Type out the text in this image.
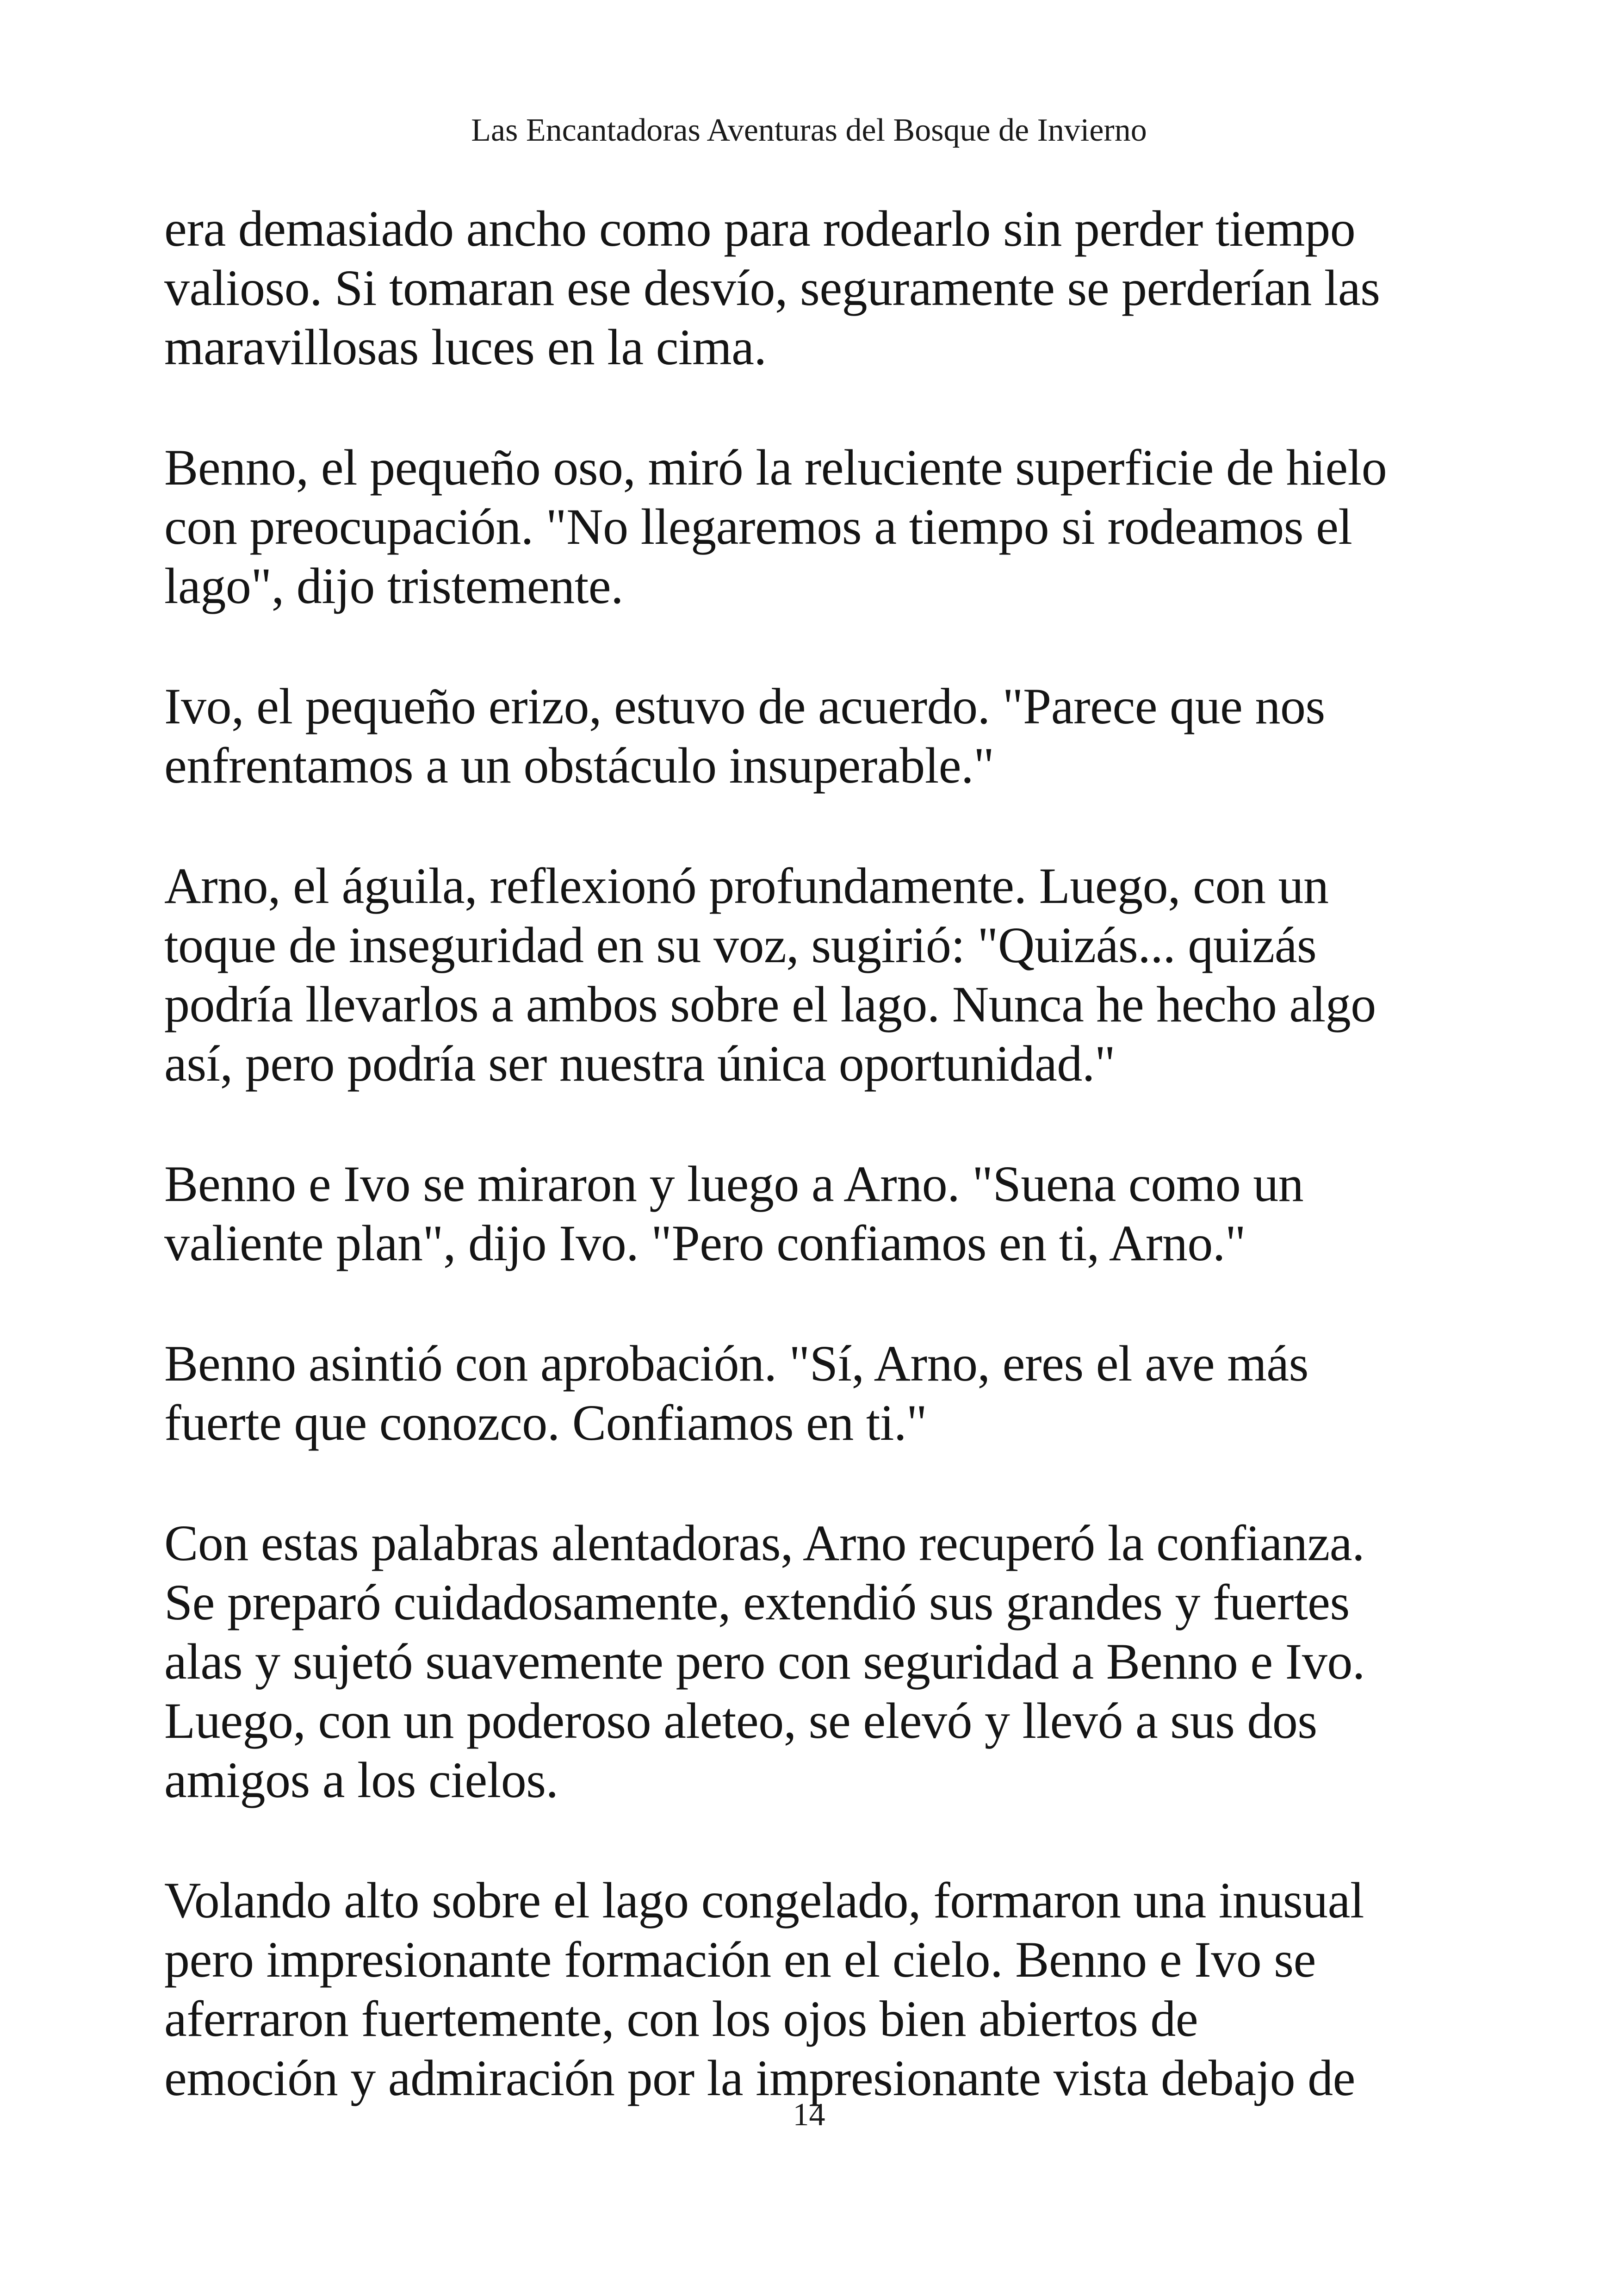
Las Encantadoras Aventuras del Bosque de Invierno

era demasiado ancho como para rodearlo sin perder tiempo
valioso. Si tomaran ese desvío, seguramente se perderían las
maravillosas luces en la cima.

Benno, el pequeño oso, miró la reluciente superficie de hielo
con preocupación. "No llegaremos a tiempo si rodeamos el
lago", dijo tristemente.

Ivo, el pequeño erizo, estuvo de acuerdo. "Parece que nos
enfrentamos a un obstáculo insuperable."

Arno, el águila, reflexionó profundamente. Luego, con un
toque de inseguridad en su voz, sugirió: "Quizás... quizás
podría llevarlos a ambos sobre el lago. Nunca he hecho algo
así, pero podría ser nuestra única oportunidad."

Benno e Ivo se miraron y luego a Arno. "Suena como un
valiente plan", dijo Ivo. "Pero confiamos en ti, Arno."

Benno asintió con aprobación. "Sí, Arno, eres el ave más
fuerte que conozco. Confiamos en ti."

Con estas palabras alentadoras, Arno recuperó la confianza.
Se preparó cuidadosamente, extendió sus grandes y fuertes
alas y sujetó suavemente pero con seguridad a Benno e Ivo.
Luego, con un poderoso aleteo, se elevó y llevó a sus dos
amigos a los cielos.

Volando alto sobre el lago congelado, formaron una inusual
pero impresionante formación en el cielo. Benno e Ivo se
aferraron fuertemente, con los ojos bien abiertos de
emoción y admiración por la impresionante vista debajo de

14
